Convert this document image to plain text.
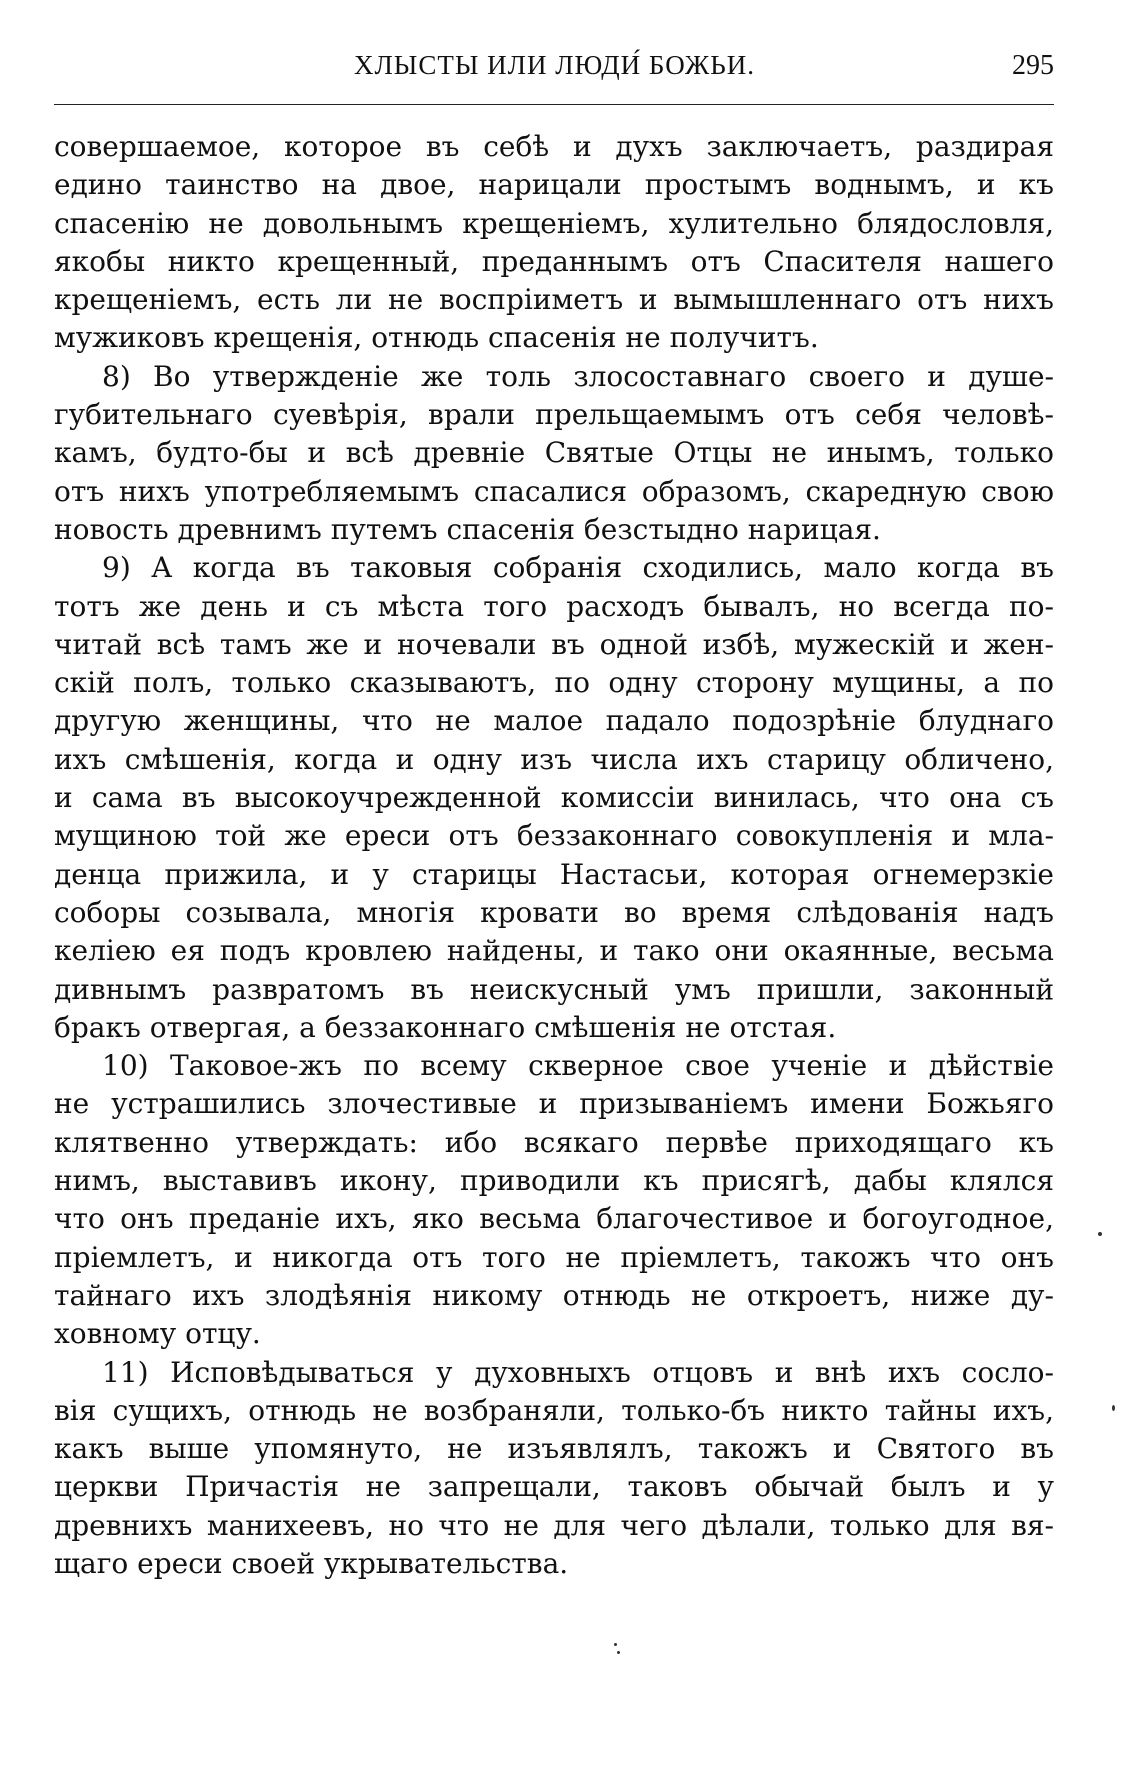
ХЛЫСТЫ ИЛИ ЛЮДИ́ БОЖЬИ.	295
совершаемое, которое въ себѣ и духъ заключаетъ, раздирая
едино таинство на двое, нарицали простымъ воднымъ, и къ
спасенію не довольнымъ крещеніемъ, хулительно блядословля,
якобы никто крещенный, преданнымъ отъ Спасителя нашего
крещеніемъ, есть ли не воспріиметъ и вымышленнаго отъ нихъ
мужиковъ крещенія, отнюдь спасенія не получитъ.
8) Во утвержденіе же толь злосоставнаго своего и душе-
губительнаго суевѣрія, врали прельщаемымъ отъ себя человѣ-
камъ, будто-бы и всѣ древніе Святые Отцы не инымъ, только
отъ нихъ употребляемымъ спасалися образомъ, скаредную свою
новость древнимъ путемъ спасенія безстыдно нарицая.
9) А когда въ таковыя собранія сходились, мало когда въ
тотъ же день и съ мѣста того расходъ бывалъ, но всегда по-
читай всѣ тамъ же и ночевали въ одной избѣ, мужескій и жен-
скій полъ, только сказываютъ, по одну сторону мущины, а по
другую женщины, что не малое падало подозрѣніе блуднаго
ихъ смѣшенія, когда и одну изъ числа ихъ старицу обличено,
и сама въ высокоучрежденной комиссіи винилась, что она съ
мущиною той же ереси отъ беззаконнаго совокупленія и мла-
денца прижила, и у старицы Настасьи, которая огнемерзкіе
соборы созывала, многія кровати во время слѣдованія надъ
келіею ея подъ кровлею найдены, и тако они окаянные, весьма
дивнымъ развратомъ въ неискусный умъ пришли, законный
бракъ отвергая, а беззаконнаго смѣшенія не отстая.
10) Таковое-жъ по всему скверное свое ученіе и дѣйствіе
не устрашились злочестивые и призываніемъ имени Божьяго
клятвенно утверждать: ибо всякаго первѣе приходящаго къ
нимъ, выставивъ икону, приводили къ присягѣ, дабы клялся
что онъ преданіе ихъ, яко весьма благочестивое и богоугодное,
пріемлетъ, и никогда отъ того не пріемлетъ, такожъ что онъ
тайнаго ихъ злодѣянія никому отнюдь не откроетъ, ниже ду-
ховному отцу.
11) Исповѣдываться у духовныхъ отцовъ и внѣ ихъ сосло-
вія сущихъ, отнюдь не возбраняли, только-бъ никто тайны ихъ,
какъ выше упомянуто, не изъявлялъ, такожъ и Святого въ
церкви Причастія не запрещали, таковъ обычай былъ и у
древнихъ манихеевъ, но что не для чего дѣлали, только для вя-
щаго ереси своей укрывательства.
